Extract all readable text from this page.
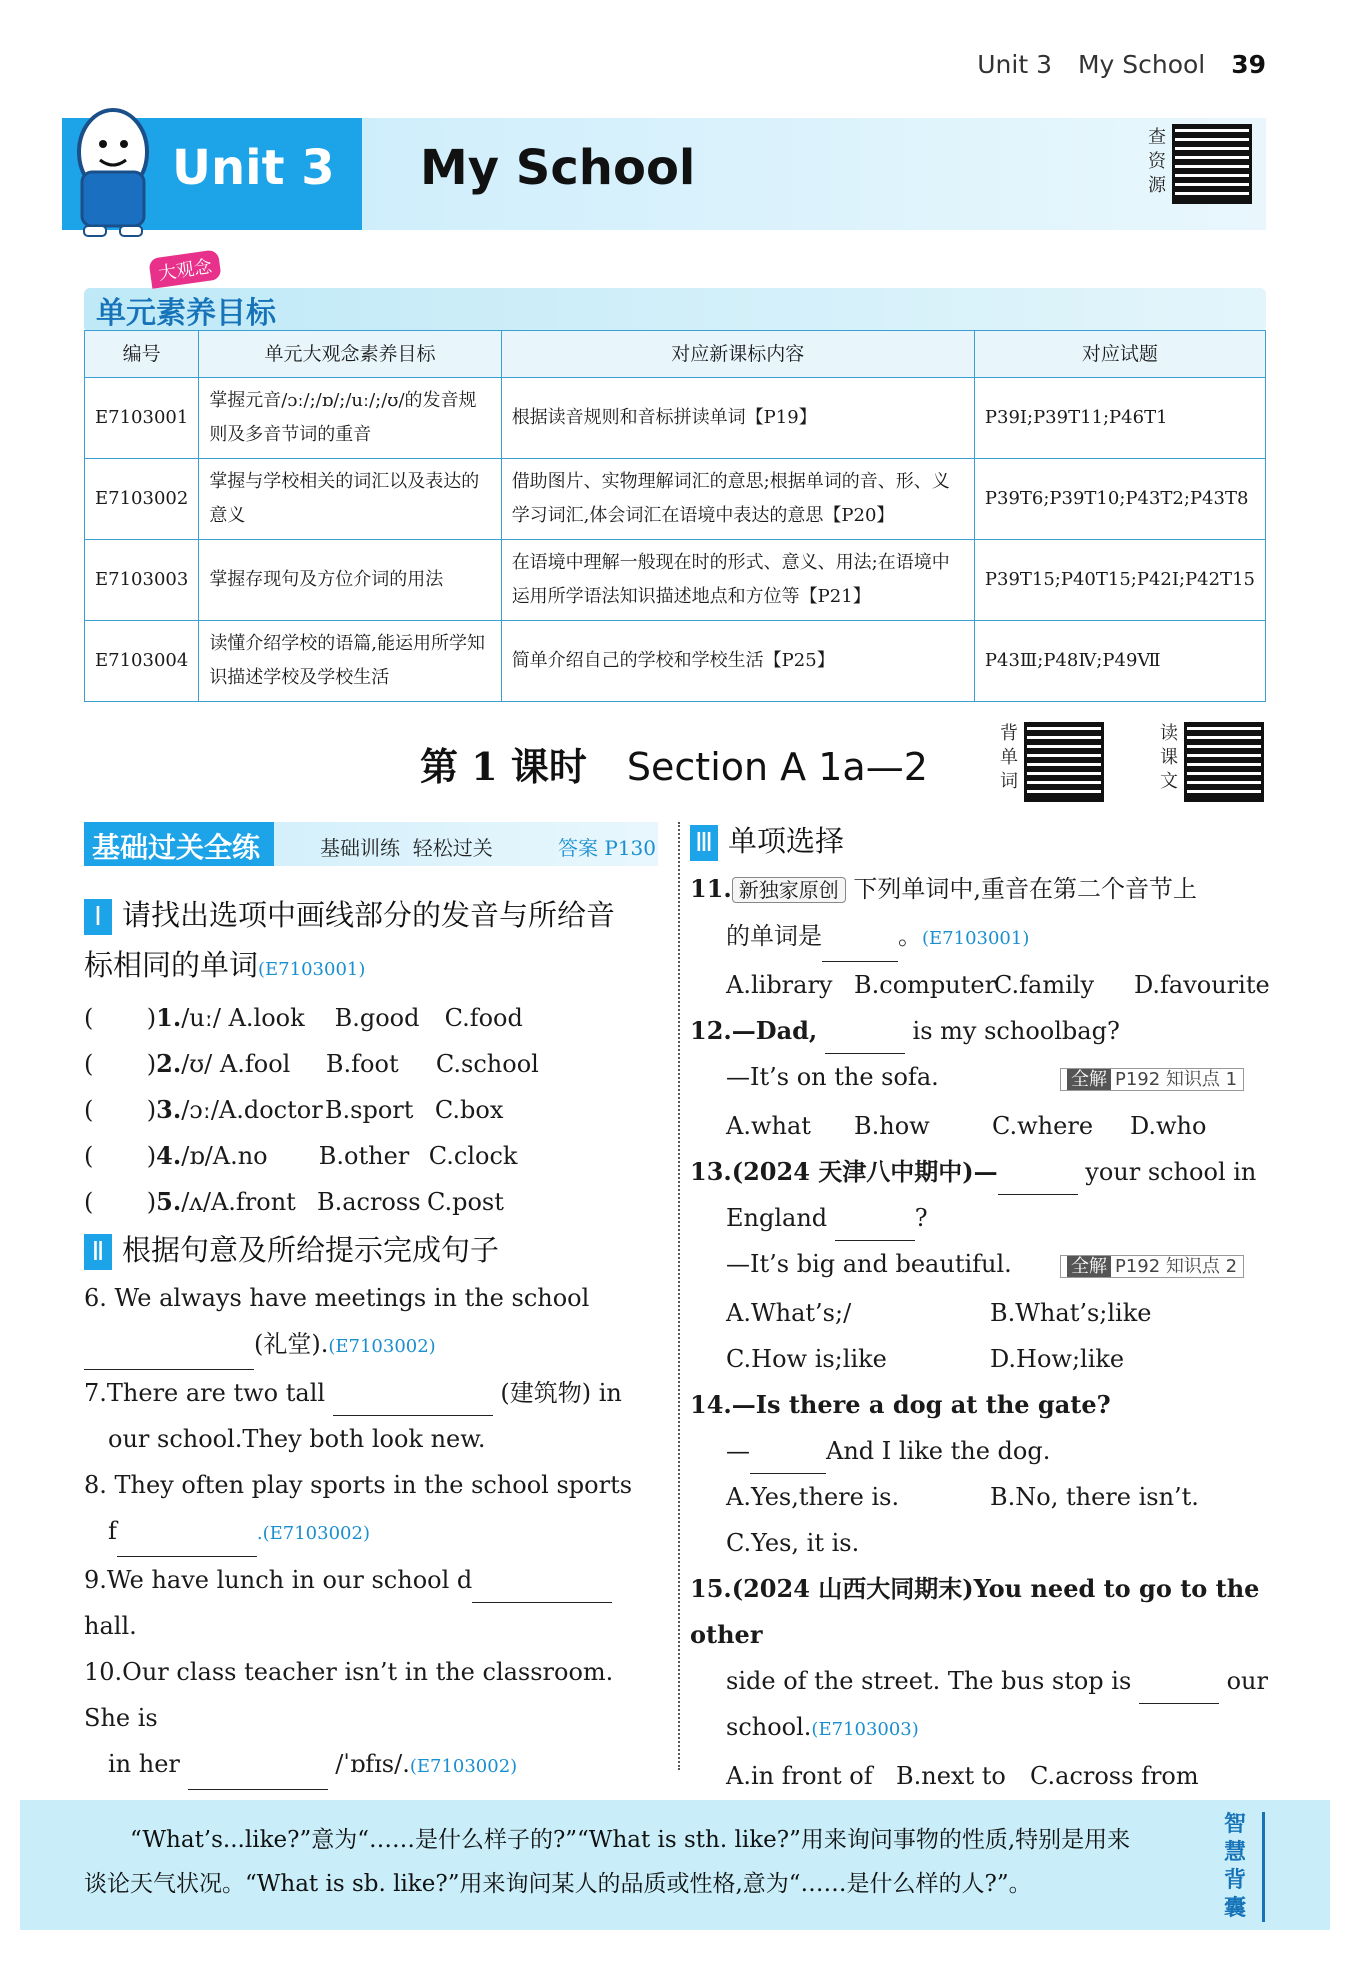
Unit 3 My School 39
Unit 3 My School
查
资
源
大观念
单元素养目标
编号	单元大观念素养目标	对应新课标内容	对应试题
E7103001	掌握元音/ɔː/;/ɒ/;/uː/;/ʊ/的发音规则及多音节词的重音	根据读音规则和音标拼读单词【P19】	P39Ⅰ;P39T11;P46T1
E7103002	掌握与学校相关的词汇以及表达的意义	借助图片、实物理解词汇的意思;根据单词的音、形、义学习词汇,体会词汇在语境中表达的意思【P20】	P39T6;P39T10;P43T2;P43T8
E7103003	掌握存现句及方位介词的用法	在语境中理解一般现在时的形式、意义、用法;在语境中运用所学语法知识描述地点和方位等【P21】	P39T15;P40T15;P42Ⅰ;P42T15
E7103004	读懂介绍学校的语篇,能运用所学知识描述学校及学校生活	简单介绍自己的学校和学校生活【P25】	P43Ⅲ;P48Ⅳ;P49Ⅶ
第 1 课时 Section A 1a—2
背
单
词
读
课
文
基础过关全练	基础训练 轻松过关	答案 P130
Ⅰ 请找出选项中画线部分的发音与所给音
标相同的单词(E7103001)
(       )1./uː/ A.look B.good C.food
(       )2./ʊ/ A.fool B.foot C.school
(       )3./ɔː/A.doctorB.sport C.box
(       )4./ɒ/A.no B.other C.clock
(       )5./ʌ/A.front B.across C.post
Ⅱ 根据句意及所给提示完成句子
6. We always have meetings in the school
(礼堂).(E7103002)
7.There are two tall	(建筑物) in
our school.They both look new.
8. They often play sports in the school sports
f	.(E7103002)
9.We have lunch in our school dhall.
10.Our class teacher isn’t in the classroom. She is
in her	/ˈɒfɪs/.(E7103002)
Ⅲ 单项选择
11. 新独家原创 下列单词中,重音在第二个音节上
的单词是	。(E7103001)
A.library B.computerC.family D.favourite
12.—Dad,	is my schoolbag?
—It’s on the sofa.	全解 P192 知识点 1
A.what B.how	C.where D.who
13.(2024 天津八中期中)—	your school in
England	?
—It’s big and beautiful.	全解 P192 知识点 2
A.What’s;/	B.What’s;like
C.How is;like	D.How;like
14.—Is there a dog at the gate?
—	And I like the dog.
A.Yes,there is.	B.No, there isn’t.
C.Yes, it is.
15.(2024 山西大同期末)You need to go to the other
side of the street. The bus stop is	our
school.(E7103003)
A.in front of B.next to C.across from
“What’s...like?”意为“……是什么样子的?”“What is sth. like?”用来询问事物的性质,特别是用来
谈论天气状况。“What is sb. like?”用来询问某人的品质或性格,意为“……是什么样的人?”。
智
慧
背
囊
